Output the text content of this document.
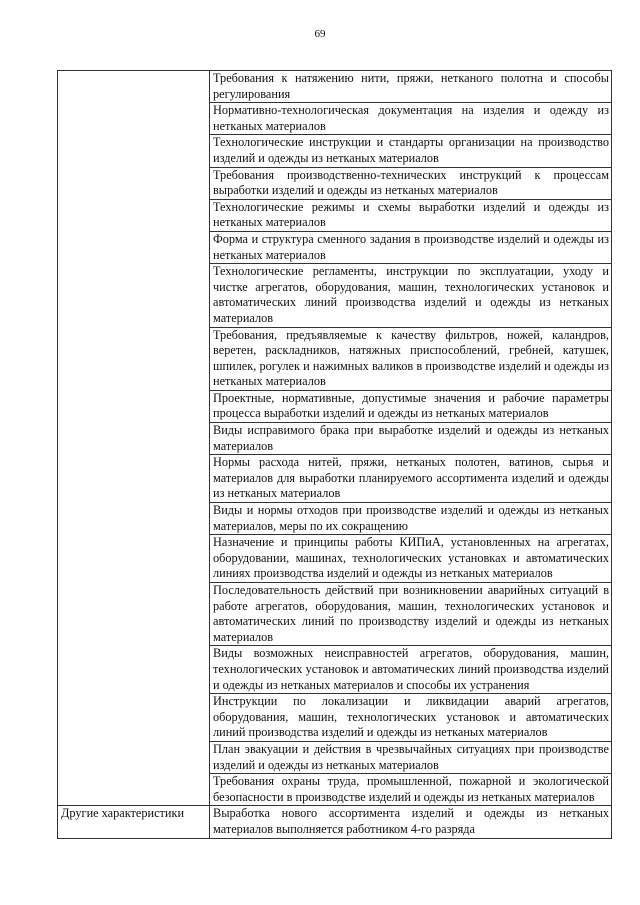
69
	Требования к натяжению нити, пряжи, нетканого полотна и способы регулирования
	Нормативно-технологическая документация на изделия и одежду из нетканых материалов
	Технологические инструкции и стандарты организации на производство изделий и одежды из нетканых материалов
	Требования производственно-технических инструкций к процессам выработки изделий и одежды из нетканых материалов
	Технологические режимы и схемы выработки изделий и одежды из нетканых материалов
	Форма и структура сменного задания в производстве изделий и одежды из нетканых материалов
	Технологические регламенты, инструкции по эксплуатации, уходу и чистке агрегатов, оборудования, машин, технологических установок и автоматических линий производства изделий и одежды из нетканых материалов
	Требования, предъявляемые к качеству фильтров, ножей, каландров, веретен, раскладников, натяжных приспособлений, гребней, катушек, шпилек, рогулек и нажимных валиков в производстве изделий и одежды из нетканых материалов
	Проектные, нормативные, допустимые значения и рабочие параметры процесса выработки изделий и одежды из нетканых материалов
	Виды исправимого брака при выработке изделий и одежды из нетканых материалов
	Нормы расхода нитей, пряжи, нетканых полотен, ватинов, сырья и материалов для выработки планируемого ассортимента изделий и одежды из нетканых материалов
	Виды и нормы отходов при производстве изделий и одежды из нетканых материалов, меры по их сокращению
	Назначение и принципы работы КИПиА, установленных на агрегатах, оборудовании, машинах, технологических установках и автоматических линиях производства изделий и одежды из нетканых материалов
	Последовательность действий при возникновении аварийных ситуаций в работе агрегатов, оборудования, машин, технологических установок и автоматических линий по производству изделий и одежды из нетканых материалов
	Виды возможных неисправностей агрегатов, оборудования, машин, технологических установок и автоматических линий производства изделий и одежды из нетканых материалов и способы их устранения
	Инструкции по локализации и ликвидации аварий агрегатов, оборудования, машин, технологических установок и автоматических линий производства изделий и одежды из нетканых материалов
	План эвакуации и действия в чрезвычайных ситуациях при производстве изделий и одежды из нетканых материалов
	Требования охраны труда, промышленной, пожарной и экологической безопасности в производстве изделий и одежды из нетканых материалов
Другие характеристики	Выработка нового ассортимента изделий и одежды из нетканых материалов выполняется работником 4-го разряда
